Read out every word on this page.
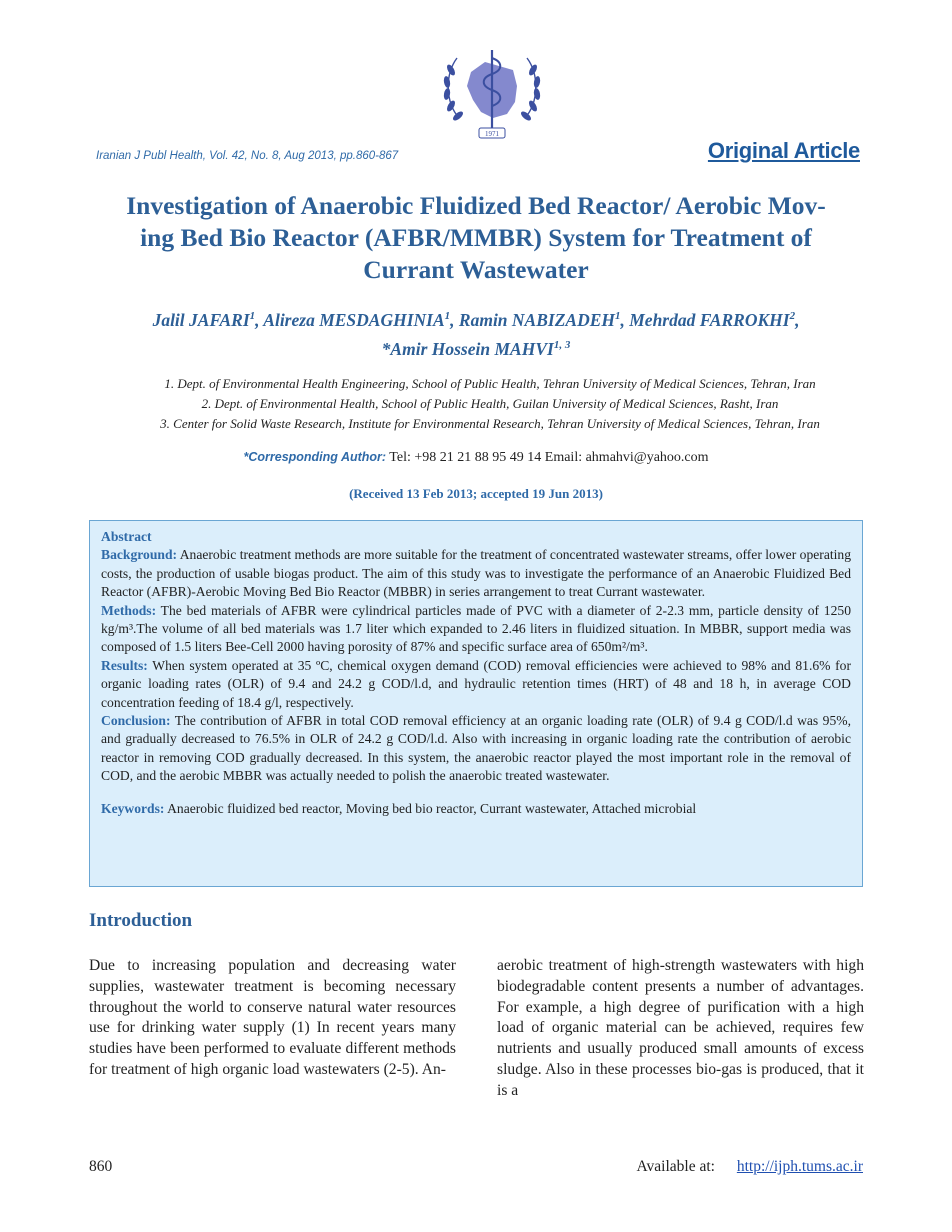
1971
Iranian J Publ Health, Vol. 42, No. 8, Aug 2013, pp.860-867	Original Article
Investigation of Anaerobic Fluidized Bed Reactor/ Aerobic Mov-
ing Bed Bio Reactor (AFBR/MMBR) System for Treatment of
Currant Wastewater
Jalil JAFARI$^1$, Alireza MESDAGHINIA$^1$, Ramin NABIZADEH$^1$, Mehrdad FARROKHI$^2$,
*Amir Hossein MAHVI$^{1, 3}$
1. Dept. of Environmental Health Engineering, School of Public Health, Tehran University of Medical Sciences, Tehran, Iran
2. Dept. of Environmental Health, School of Public Health, Guilan University of Medical Sciences, Rasht, Iran
3. Center for Solid Waste Research, Institute for Environmental Research, Tehran University of Medical Sciences, Tehran, Iran
*Corresponding Author: Tel: +98 21 21 88 95 49 14 Email: ahmahvi@yahoo.com
(Received 13 Feb 2013; accepted 19 Jun 2013)

Abstract

Background: Anaerobic treatment methods are more suitable for the treatment of concentrated wastewater streams, offer lower operating costs, the production of usable biogas product. The aim of this study was to investigate the performance of an Anaerobic Fluidized Bed Reactor (AFBR)-Aerobic Moving Bed Bio Reactor (MBBR) in series arrangement to treat Currant wastewater.

Methods: The bed materials of AFBR were cylindrical particles made of PVC with a diameter of 2-2.3 mm, particle density of 1250 kg/m³.The volume of all bed materials was 1.7 liter which expanded to 2.46 liters in fluidized situation. In MBBR, support media was composed of 1.5 liters Bee-Cell 2000 having porosity of 87% and specific surface area of 650m²/m³.

Results: When system operated at 35 ºC, chemical oxygen demand (COD) removal efficiencies were achieved to 98% and 81.6% for organic loading rates (OLR) of 9.4 and 24.2 g COD/l.d, and hydraulic retention times (HRT) of 48 and 18 h, in average COD concentration feeding of 18.4 g/l, respectively.

Conclusion: The contribution of AFBR in total COD removal efficiency at an organic loading rate (OLR) of 9.4 g COD/l.d was 95%, and gradually decreased to 76.5% in OLR of 24.2 g COD/l.d. Also with increasing in organic loading rate the contribution of aerobic reactor in removing COD gradually decreased. In this system, the anaerobic reactor played the most important role in the removal of COD, and the aerobic MBBR was actually needed to polish the anaerobic treated wastewater.

Keywords: Anaerobic fluidized bed reactor, Moving bed bio reactor, Currant wastewater, Attached microbial

Introduction
Due to increasing population and decreasing water supplies, wastewater treatment is becoming necessary throughout the world to conserve natural water resources use for drinking water supply (1) In recent years many studies have been performed to evaluate different methods for treatment of high organic load wastewaters (2-5). An-
aerobic treatment of high-strength wastewaters with high biodegradable content presents a number of advantages. For example, a high degree of purification with a high load of organic material can be achieved, requires few nutrients and usually produced small amounts of excess sludge. Also in these processes bio-gas is produced, that it is a
860	Available at: http://ijph.tums.ac.ir
